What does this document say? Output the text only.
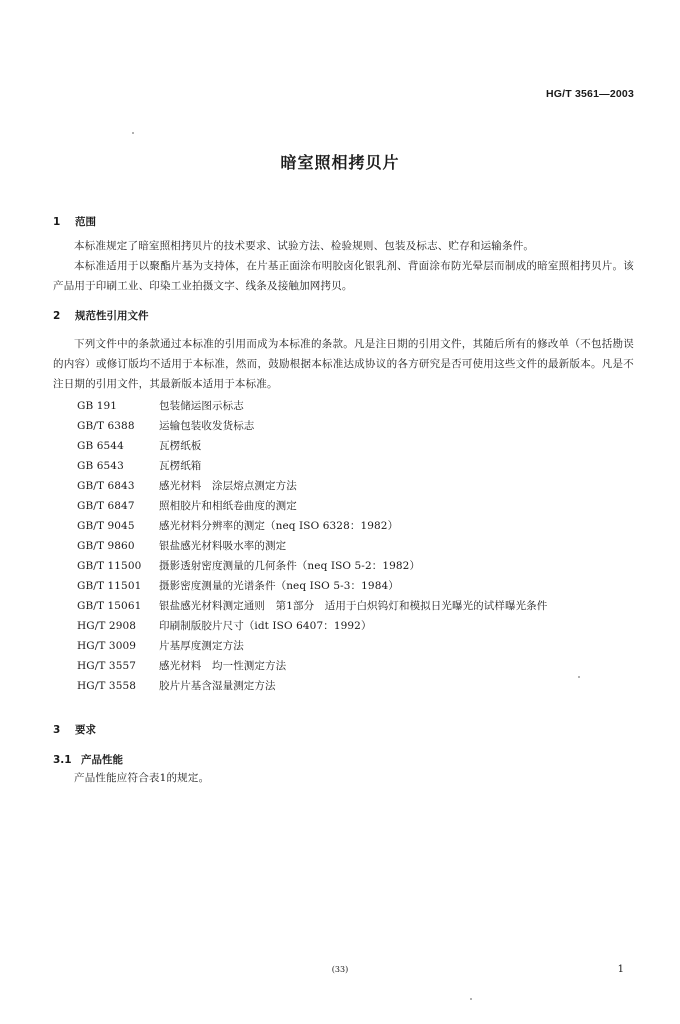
HG/T 3561—2003
暗室照相拷贝片
1 范围
本标准规定了暗室照相拷贝片的技术要求、试验方法、检验规则、包装及标志、贮存和运输条件。
本标准适用于以聚酯片基为支持体，在片基正面涂布明胶卤化银乳剂、背面涂布防光晕层而制成的暗室照相拷贝片。该产品用于印刷工业、印染工业拍摄文字、线条及接触加网拷贝。
2 规范性引用文件
下列文件中的条款通过本标准的引用而成为本标准的条款。凡是注日期的引用文件，其随后所有的修改单（不包括勘误的内容）或修订版均不适用于本标准，然而，鼓励根据本标准达成协议的各方研究是否可使用这些文件的最新版本。凡是不注日期的引用文件，其最新版本适用于本标准。
GB 191	包装储运图示标志
GB/T 6388	运输包装收发货标志
GB 6544	瓦楞纸板
GB 6543	瓦楞纸箱
GB/T 6843	感光材料　涂层熔点测定方法
GB/T 6847	照相胶片和相纸卷曲度的测定
GB/T 9045	感光材料分辨率的测定（neq ISO 6328：1982）
GB/T 9860	银盐感光材料吸水率的测定
GB/T 11500	摄影透射密度测量的几何条件（neq ISO 5-2：1982）
GB/T 11501	摄影密度测量的光谱条件（neq ISO 5-3：1984）
GB/T 15061	银盐感光材料测定通则　第1部分　适用于白炽钨灯和模拟日光曝光的试样曝光条件
HG/T 2908	印刷制版胶片尺寸（idt ISO 6407：1992）
HG/T 3009	片基厚度测定方法
HG/T 3557	感光材料　均一性测定方法
HG/T 3558	胶片片基含湿量测定方法
3 要求
3.1 产品性能
产品性能应符合表1的规定。
(33)	1
